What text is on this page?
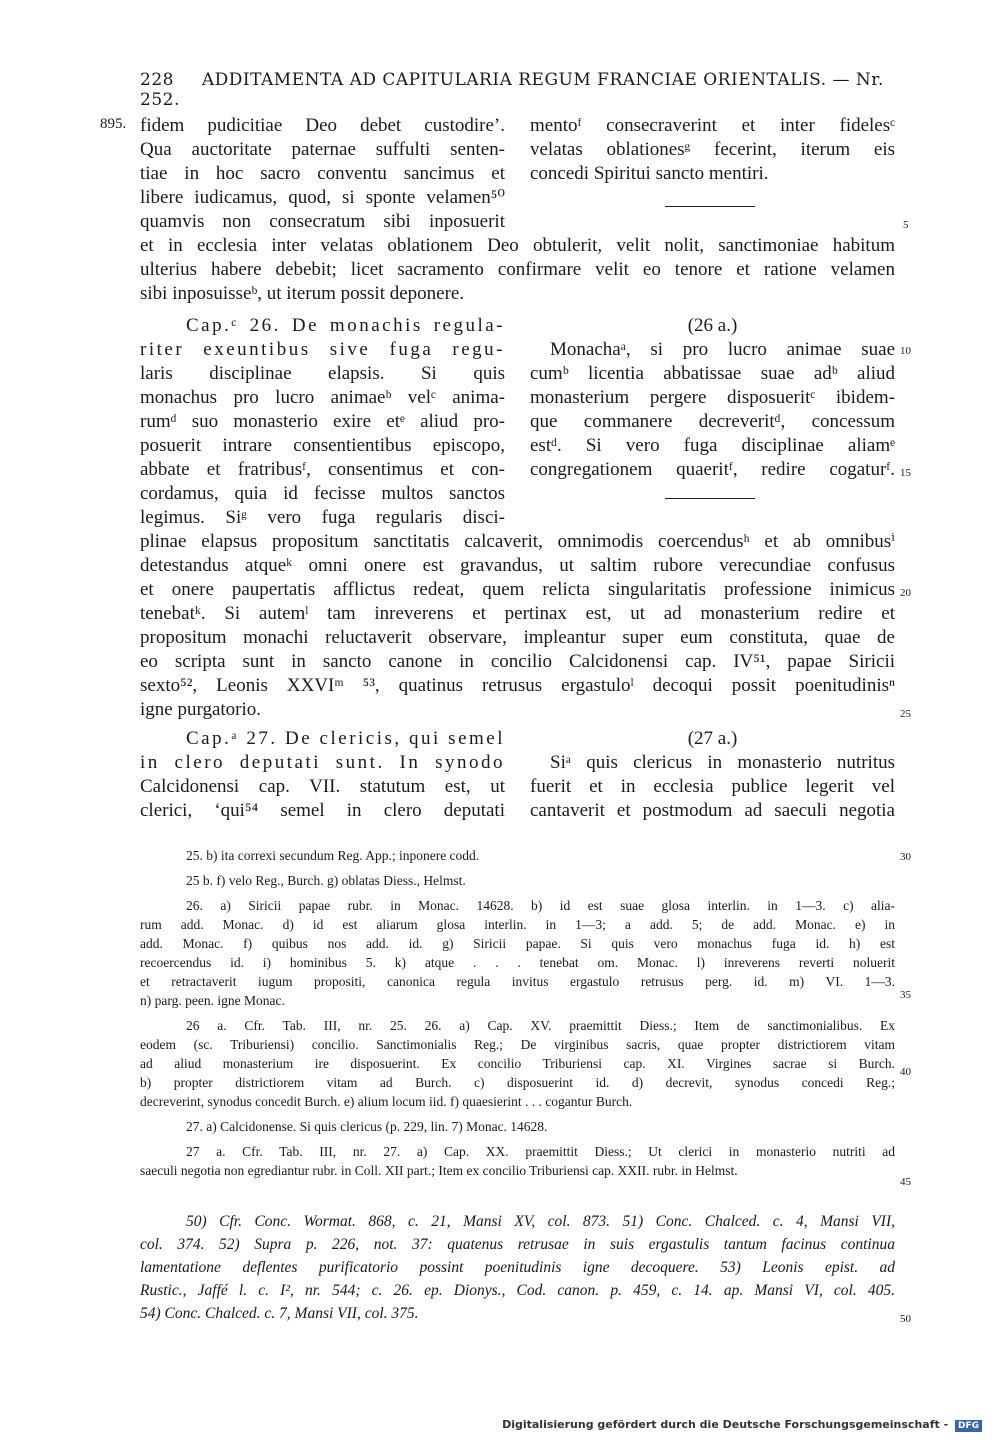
228 ADDITAMENTA AD CAPITULARIA REGUM FRANCIAE ORIENTALIS. — Nr. 252.
895. fidem pudicitiae Deo debet custodireʼ.
Qua auctoritate paternae suffulti senten-
tiae in hoc sacro conventu sancimus et
libere iudicamus, quod, si sponte velamen⁵⁰
quamvis non consecratum sibi inposuerit
mentoᶠ consecraverint et inter fidelesᶜ
velatas oblationesᵍ fecerint, iterum eis
concedi Spiritui sancto mentiri.
et in ecclesia inter velatas oblationem Deo obtulerit, velit nolit, sanctimoniae habitum
ulterius habere debebit; licet sacramento confirmare velit eo tenore et ratione velamen
sibi inposuisseᵇ, ut iterum possit deponere.
Cap.ᶜ 26. De monachis regula-
riter exeuntibus sive fuga regu-
laris disciplinae elapsis. Si quis
monachus pro lucro animaeᵇ velᶜ anima-
rumᵈ suo monasterio exire etᵉ aliud pro-
posuerit intrare consentientibus episcopo,
abbate et fratribusᶠ, consentimus et con-
cordamus, quia id fecisse multos sanctos
legimus. Siᵍ vero fuga regularis disci-
(26 a.)
Monachaᵃ, si pro lucro animae suae
cumᵇ licentia abbatissae suae adᵇ aliud
monasterium pergere disposueritᶜ ibidem-
que commanere decreveritᵈ, concessum
estᵈ. Si vero fuga disciplinae aliamᵉ
congregationem quaeritᶠ, redire cogaturᶠ.
plinae elapsus propositum sanctitatis calcaverit, omnimodis coercendusʰ et ab omnibusⁱ
detestandus atqueᵏ omni onere est gravandus, ut saltim rubore verecundiae confusus
et onere paupertatis afflictus redeat, quem relicta singularitatis professione inimicus
tenebatᵏ. Si autemˡ tam inreverens et pertinax est, ut ad monasterium redire et
propositum monachi reluctaverit observare, impleantur super eum constituta, quae de
eo scripta sunt in sancto canone in concilio Calcidonensi cap. IV⁵¹, papae Siricii
sexto⁵², Leonis XXVIᵐ ⁵³, quatinus retrusus ergastuloˡ decoqui possit poenitudinisⁿ
igne purgatorio.
Cap.ᵃ 27. De clericis, qui semel
in clero deputati sunt. In synodo
Calcidonensi cap. VII. statutum est, ut
clerici, ‘qui⁵⁴ semel in clero deputati
(27 a.)
Siᵃ quis clericus in monasterio nutritus
fuerit et in ecclesia publice legerit vel
cantaverit et postmodum ad saeculi negotia
25. b) ita correxi secundum Reg. App.; inponere codd.
25 b. f) velo Reg., Burch. g) oblatas Diess., Helmst.
26. a) Siricii papae rubr. in Monac. 14628. b) id est suae glosa interlin. in 1—3. c) alia-
rum add. Monac. d) id est aliarum glosa interlin. in 1—3; a add. 5; de add. Monac. e) in
add. Monac. f) quibus nos add. id. g) Siricii papae. Si quis vero monachus fuga id. h) est
recoercendus id. i) hominibus 5. k) atque . . . tenebat om. Monac. l) inreverens reverti noluerit
et retractaverit iugum propositi, canonica regula invitus ergastulo retrusus perg. id. m) VI. 1—3.
n) parg. peen. igne Monac.
26 a. Cfr. Tab. III, nr. 25. 26. a) Cap. XV. praemittit Diess.; Item de sanctimonialibus. Ex
eodem (sc. Triburiensi) concilio. Sanctimonialis Reg.; De virginibus sacris, quae propter districtiorem vitam
ad aliud monasterium ire disposuerint. Ex concilio Triburiensi cap. XI. Virgines sacrae si Burch.
b) propter districtiorem vitam ad Burch. c) disposuerint id. d) decrevit, synodus concedi Reg.;
decreverint, synodus concedit Burch. e) alium locum iid. f) quaesierint . . . cogantur Burch.
27. a) Calcidonense. Si quis clericus (p. 229, lin. 7) Monac. 14628.
27 a. Cfr. Tab. III, nr. 27. a) Cap. XX. praemittit Diess.; Ut clerici in monasterio nutriti ad
saeculi negotia non egrediantur rubr. in Coll. XII part.; Item ex concilio Triburiensi cap. XXII. rubr. in Helmst.
50) Cfr. Conc. Wormat. 868, c. 21, Mansi XV, col. 873. 51) Conc. Chalced. c. 4, Mansi VII,
col. 374. 52) Supra p. 226, not. 37: quatenus retrusae in suis ergastulis tantum facinus continua
lamentatione deflentes purificatorio possint poenitudinis igne decoquere. 53) Leonis epist. ad
Rustic., Jaffé l. c. I², nr. 544; c. 26. ep. Dionys., Cod. canon. p. 459, c. 14. ap. Mansi VI, col. 405.
54) Conc. Chalced. c. 7, Mansi VII, col. 375.
5
10
15
20
25
30
35
40
45
50
Digitalisierung gefördert durch die Deutsche Forschungsgemeinschaft - DFG
